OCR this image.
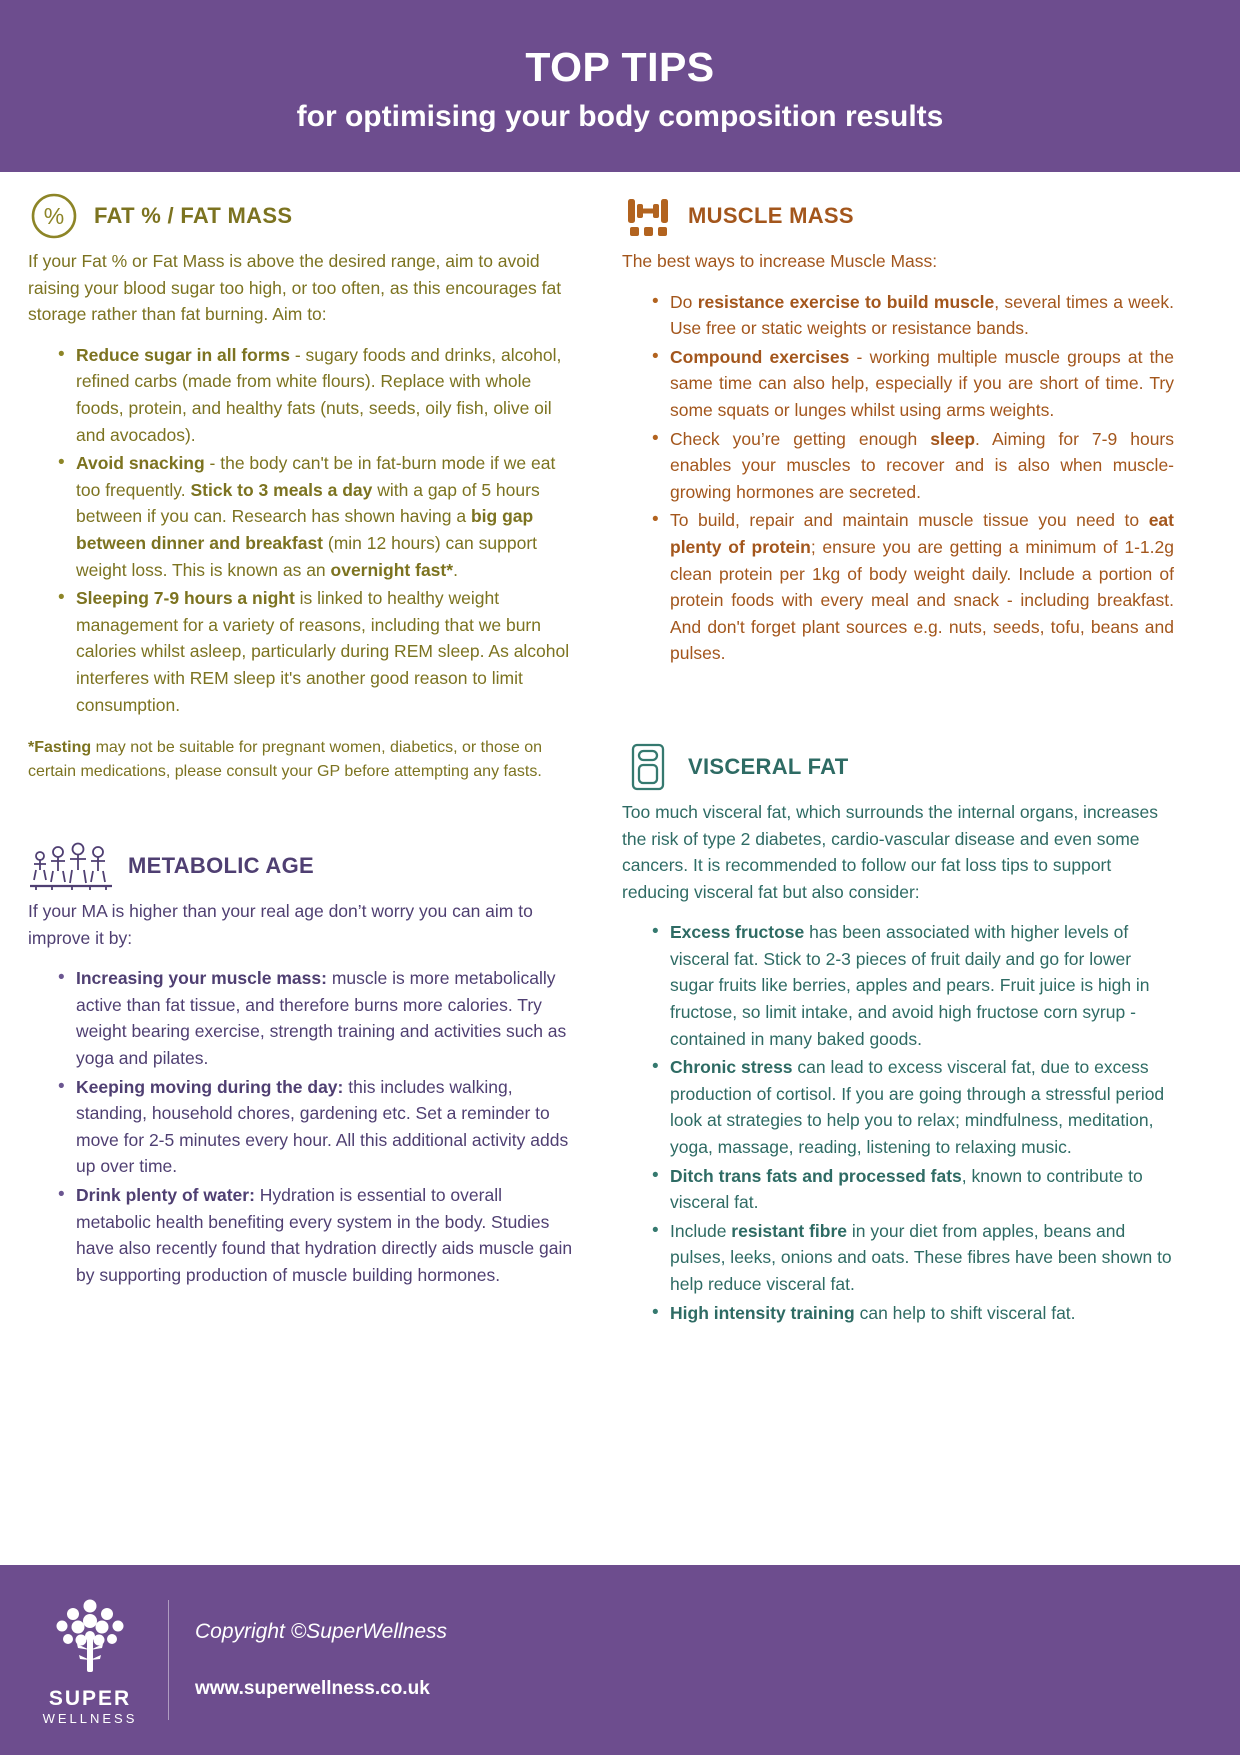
TOP TIPS
for optimising your body composition results
% FAT % / FAT MASS

If your Fat % or Fat Mass is above the desired range, aim to avoid raising your blood sugar too high, or too often, as this encourages fat storage rather than fat burning. Aim to:

• Reduce sugar in all forms - sugary foods and drinks, alcohol, refined carbs (made from white flours). Replace with whole foods, protein, and healthy fats (nuts, seeds, oily fish, olive oil and avocados).
• Avoid snacking - the body can't be in fat-burn mode if we eat too frequently. Stick to 3 meals a day with a gap of 5 hours between if you can. Research has shown having a big gap between dinner and breakfast (min 12 hours) can support weight loss. This is known as an overnight fast*.
• Sleeping 7-9 hours a night is linked to healthy weight management for a variety of reasons, including that we burn calories whilst asleep, particularly during REM sleep. As alcohol interferes with REM sleep it's another good reason to limit consumption.

*Fasting may not be suitable for pregnant women, diabetics, or those on certain medications, please consult your GP before attempting any fasts.

METABOLIC AGE

If your MA is higher than your real age don’t worry you can aim to improve it by:

• Increasing your muscle mass: muscle is more metabolically active than fat tissue, and therefore burns more calories. Try weight bearing exercise, strength training and activities such as yoga and pilates.
• Keeping moving during the day: this includes walking, standing, household chores, gardening etc. Set a reminder to move for 2-5 minutes every hour. All this additional activity adds up over time.
• Drink plenty of water: Hydration is essential to overall metabolic health benefiting every system in the body. Studies have also recently found that hydration directly aids muscle gain by supporting production of muscle building hormones.
MUSCLE MASS

The best ways to increase Muscle Mass:

• Do resistance exercise to build muscle, several times a week. Use free or static weights or resistance bands.
• Compound exercises - working multiple muscle groups at the same time can also help, especially if you are short of time. Try some squats or lunges whilst using arms weights.
• Check you’re getting enough sleep. Aiming for 7-9 hours enables your muscles to recover and is also when muscle-growing hormones are secreted.
• To build, repair and maintain muscle tissue you need to eat plenty of protein; ensure you are getting a minimum of 1-1.2g clean protein per 1kg of body weight daily. Include a portion of protein foods with every meal and snack - including breakfast. And don't forget plant sources e.g. nuts, seeds, tofu, beans and pulses.
VISCERAL FAT

Too much visceral fat, which surrounds the internal organs, increases the risk of type 2 diabetes, cardio-vascular disease and even some cancers. It is recommended to follow our fat loss tips to support reducing visceral fat but also consider:

• Excess fructose has been associated with higher levels of visceral fat. Stick to 2-3 pieces of fruit daily and go for lower sugar fruits like berries, apples and pears. Fruit juice is high in fructose, so limit intake, and avoid high fructose corn syrup - contained in many baked goods.
• Chronic stress can lead to excess visceral fat, due to excess production of cortisol. If you are going through a stressful period look at strategies to help you to relax; mindfulness, meditation, yoga, massage, reading, listening to relaxing music.
• Ditch trans fats and processed fats, known to contribute to visceral fat.
• Include resistant fibre in your diet from apples, beans and pulses, leeks, onions and oats. These fibres have been shown to help reduce visceral fat.
• High intensity training can help to shift visceral fat.
SUPER
WELLNESS
Copyright ©SuperWellness
www.superwellness.co.uk
